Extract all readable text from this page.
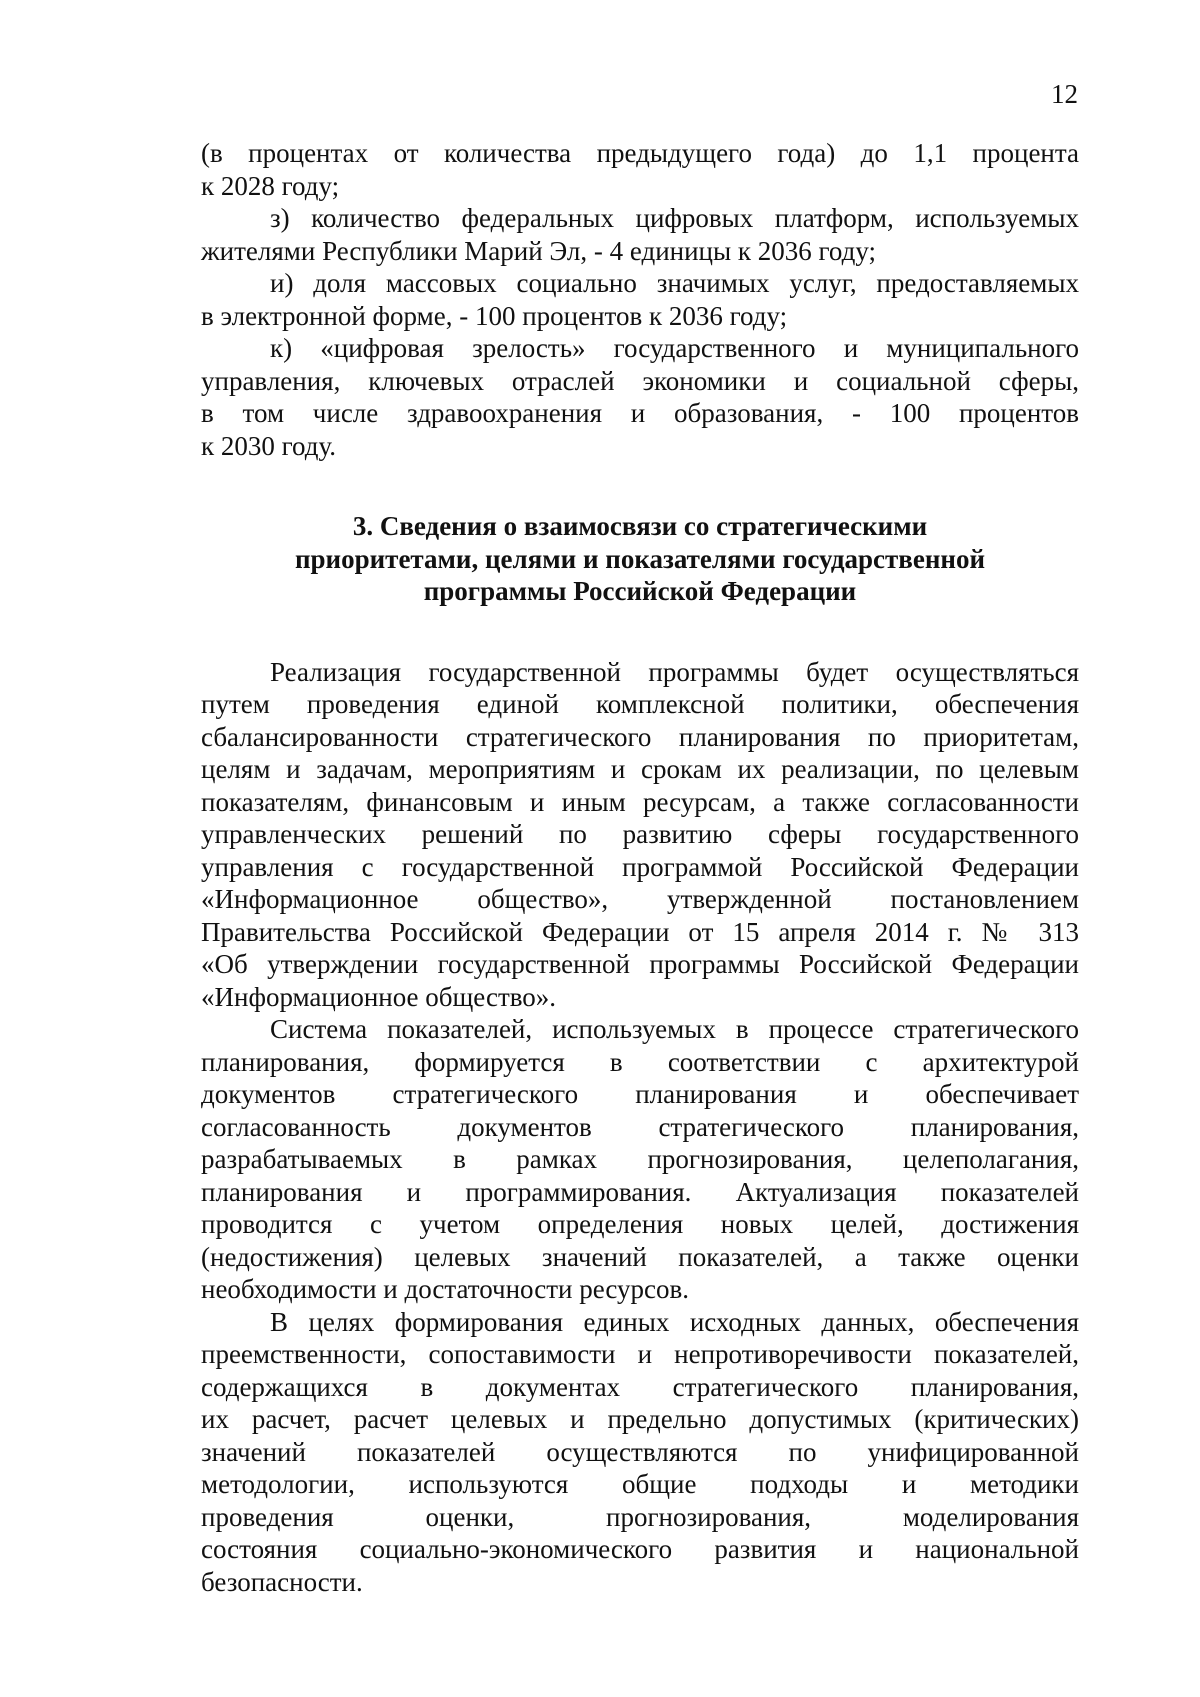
12

(в процентах от количества предыдущего года) до 1,1 процента
к 2028 году;
з) количество федеральных цифровых платформ, используемых
жителями Республики Марий Эл, - 4 единицы к 2036 году;
и) доля массовых социально значимых услуг, предоставляемых
в электронной форме, - 100 процентов к 2036 году;
к) «цифровая зрелость» государственного и муниципального
управления, ключевых отраслей экономики и социальной сферы,
в том числе здравоохранения и образования, - 100 процентов
к 2030 году.

3. Сведения о взаимосвязи со стратегическими
приоритетами, целями и показателями государственной
программы Российской Федерации

Реализация государственной программы будет осуществляться
путем проведения единой комплексной политики, обеспечения
сбалансированности стратегического планирования по приоритетам,
целям и задачам, мероприятиям и срокам их реализации, по целевым
показателям, финансовым и иным ресурсам, а также согласованности
управленческих решений по развитию сферы государственного
управления с государственной программой Российской Федерации
«Информационное общество», утвержденной постановлением
Правительства Российской Федерации от 15 апреля 2014 г. № 313
«Об утверждении государственной программы Российской Федерации
«Информационное общество».

Система показателей, используемых в процессе стратегического
планирования, формируется в соответствии с архитектурой
документов стратегического планирования и обеспечивает
согласованность документов стратегического планирования,
разрабатываемых в рамках прогнозирования, целеполагания,
планирования и программирования. Актуализация показателей
проводится с учетом определения новых целей, достижения
(недостижения) целевых значений показателей, а также оценки
необходимости и достаточности ресурсов.

В целях формирования единых исходных данных, обеспечения
преемственности, сопоставимости и непротиворечивости показателей,
содержащихся в документах стратегического планирования,
их расчет, расчет целевых и предельно допустимых (критических)
значений показателей осуществляются по унифицированной
методологии, используются общие подходы и методики
проведения оценки, прогнозирования, моделирования
состояния социально-экономического развития и национальной
безопасности.
